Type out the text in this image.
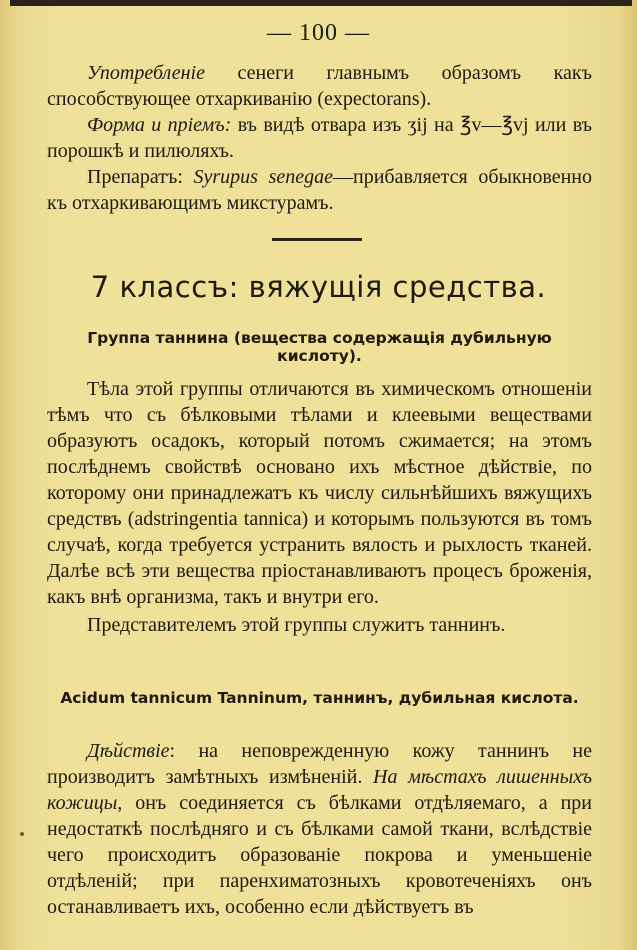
— 100 —

Употребленіе сенеги главнымъ образомъ какъ способствующее отхаркиванію (expectorans).

Форма и пріемъ: въ видѣ отвара изъ ʒij на ℥v—℥vj или въ порошкѣ и пилюляхъ.

Препаратъ: Syrupus senegae—прибавляется обыкновенно къ отхаркивающимъ микстурамъ.

7 классъ: вяжущія средства.
Группа таннина (вещества содержащія дубильную кислоту).

Тѣла этой группы отличаются въ химическомъ отношеніи тѣмъ что съ бѣлковыми тѣлами и клеевыми веществами образуютъ осадокъ, который потомъ сжимается; на этомъ послѣднемъ свойствѣ основано ихъ мѣстное дѣйствіе, по которому они принадлежатъ къ числу сильнѣйшихъ вяжущихъ средствъ (adstringentia tannica) и которымъ пользуются въ томъ случаѣ, когда требуется устранить вялость и рыхлость тканей. Далѣе всѣ эти вещества пріостанавливаютъ процесъ броженія, какъ внѣ организма, такъ и внутри его.

Представителемъ этой группы служитъ таннинъ.

Acidum tannicum Tanninum, таннинъ, дубильная кислота.

Дѣйствіе: на неповрежденную кожу таннинъ не производитъ замѣтныхъ измѣненій. На мѣстахъ лишенныхъ кожицы, онъ соединяется съ бѣлками отдѣляемаго, а при недостаткѣ послѣдняго и съ бѣлками самой ткани, вслѣдствіе чего происходитъ образованіе покрова и уменьшеніе отдѣленій; при паренхиматозныхъ кровотеченіяхъ онъ останавливаетъ ихъ, особенно если дѣйствуетъ въ
